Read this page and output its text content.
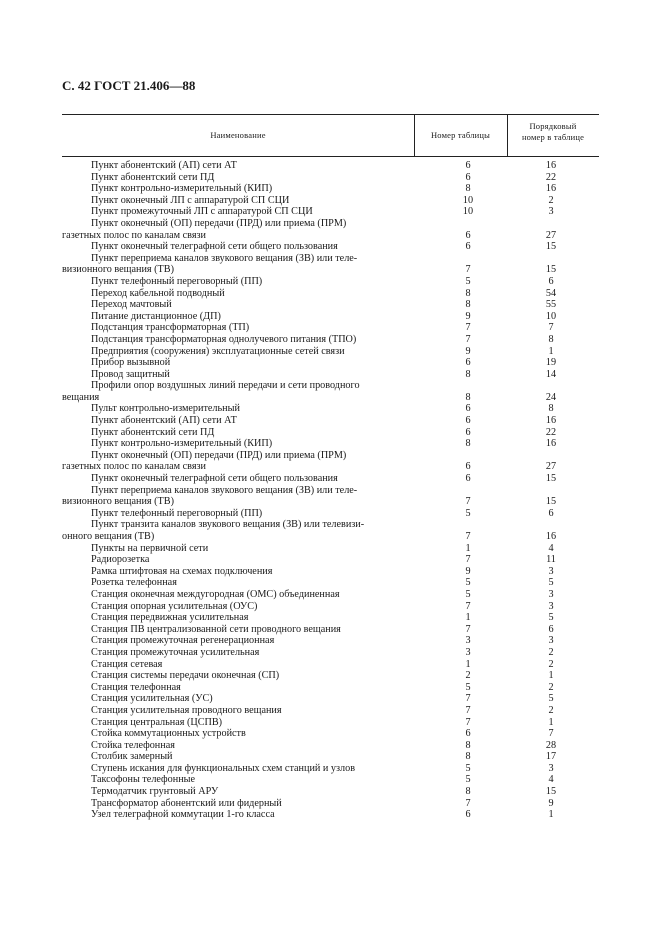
С. 42 ГОСТ 21.406—88
Наименование	Номер таблицы
Порядковый
номер в таблице
Пункт абонентский (АП) сети АТ	6	16
Пункт абонентский сети ПД	6	22
Пункт контрольно-измерительный (КИП)	8	16
Пункт оконечный ЛП с аппаратурой СП СЦИ	10	2
Пункт промежуточный ЛП с аппаратурой СП СЦИ	10	3
Пункт оконечный (ОП) передачи (ПРД) или приема (ПРМ)
газетных полос по каналам связи	6	27
Пункт оконечный телеграфной сети общего пользования	6	15
Пункт переприема каналов звукового вещания (ЗВ) или теле-
визионного вещания (ТВ)	7	15
Пункт телефонный переговорный (ПП)	5	6
Переход кабельной подводный	8	54
Переход мачтовый	8	55
Питание дистанционное (ДП)	9	10
Подстанция трансформаторная (ТП)	7	7
Подстанция трансформаторная однолучевого питания (ТПО)	7	8
Предприятия (сооружения) эксплуатационные сетей связи	9	1
Прибор вызывной	6	19
Провод защитный	8	14
Профили опор воздушных линий передачи и сети проводного
вещания	8	24
Пульт контрольно-измерительный	6	8
Пункт абонентский (АП) сети АТ	6	16
Пункт абонентский сети ПД	6	22
Пункт контрольно-измерительный (КИП)	8	16
Пункт оконечный (ОП) передачи (ПРД) или приема (ПРМ)
газетных полос по каналам связи	6	27
Пункт оконечный телеграфной сети общего пользования	6	15
Пункт переприема каналов звукового вещания (ЗВ) или теле-
визионного вещания (ТВ)	7	15
Пункт телефонный переговорный (ПП)	5	6
Пункт транзита каналов звукового вещания (ЗВ) или телевизи-
онного вещания (ТВ)	7	16
Пункты на первичной сети	1	4
Радиорозетка	7	11
Рамка штифтовая на схемах подключения	9	3
Розетка телефонная	5	5
Станция оконечная междугородная (ОМС) объединенная	5	3
Станция опорная усилительная (ОУС)	7	3
Станция передвижная усилительная	1	5
Станция ПВ централизованной сети проводного вещания	7	6
Станция промежуточная регенерационная	3	3
Станция промежуточная усилительная	3	2
Станция сетевая	1	2
Станция системы передачи оконечная (СП)	2	1
Станция телефонная	5	2
Станция усилительная (УС)	7	5
Станция усилительная проводного вещания	7	2
Станция центральная (ЦСПВ)	7	1
Стойка коммутационных устройств	6	7
Стойка телефонная	8	28
Столбик замерный	8	17
Ступень искания для функциональных схем станций и узлов	5	3
Таксофоны телефонные	5	4
Термодатчик грунтовый АРУ	8	15
Трансформатор абонентский или фидерный	7	9
Узел телеграфной коммутации 1-го класса	6	1
